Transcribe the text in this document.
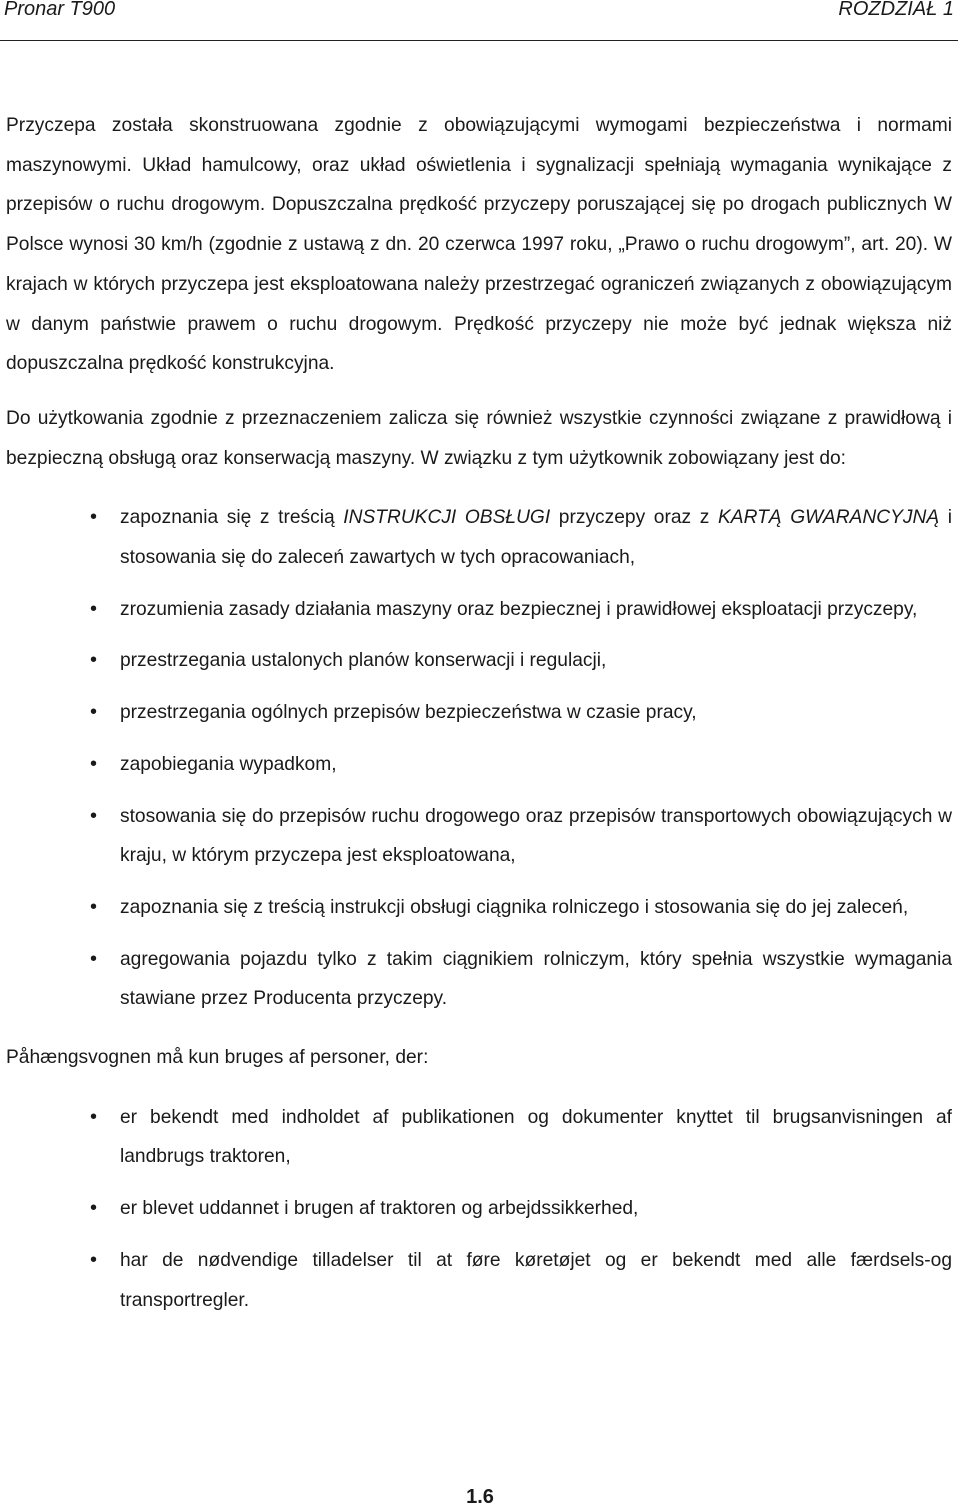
Pronar T900	ROZDZIAŁ 1

Przyczepa została skonstruowana zgodnie z obowiązującymi wymogami bezpieczeństwa i normami maszynowymi. Układ hamulcowy, oraz układ oświetlenia i sygnalizacji spełniają wymagania wynikające z przepisów o ruchu drogowym. Dopuszczalna prędkość przyczepy poruszającej się po drogach publicznych W Polsce wynosi 30 km/h (zgodnie z ustawą z dn. 20 czerwca 1997 roku, „Prawo o ruchu drogowym”, art. 20). W krajach w których przyczepa jest eksploatowana należy przestrzegać ograniczeń związanych z obowiązującym w danym państwie prawem o ruchu drogowym. Prędkość przyczepy nie może być jednak większa niż dopuszczalna prędkość konstrukcyjna.

Do użytkowania zgodnie z przeznaczeniem zalicza się również wszystkie czynności związane z prawidłową i bezpieczną obsługą oraz konserwacją maszyny. W związku z tym użytkownik zobowiązany jest do:

• zapoznania się z treścią INSTRUKCJI OBSŁUGI przyczepy oraz z KARTĄ GWARANCYJNĄ i stosowania się do zaleceń zawartych w tych opracowaniach,
• zrozumienia zasady działania maszyny oraz bezpiecznej i prawidłowej eksploatacji przyczepy,
• przestrzegania ustalonych planów konserwacji i regulacji,
• przestrzegania ogólnych przepisów bezpieczeństwa w czasie pracy,
• zapobiegania wypadkom,
• stosowania się do przepisów ruchu drogowego oraz przepisów transportowych obowiązujących w kraju, w którym przyczepa jest eksploatowana,
• zapoznania się z treścią instrukcji obsługi ciągnika rolniczego i stosowania się do jej zaleceń,
• agregowania pojazdu tylko z takim ciągnikiem rolniczym, który spełnia wszystkie wymagania stawiane przez Producenta przyczepy.

Påhængsvognen må kun bruges af personer, der:

• er bekendt med indholdet af publikationen og dokumenter knyttet til brugsanvisningen af landbrugs traktoren,
• er blevet uddannet i brugen af traktoren og arbejdssikkerhed,
• har de nødvendige tilladelser til at føre køretøjet og er bekendt med alle færdsels-og transportregler.
1.6
